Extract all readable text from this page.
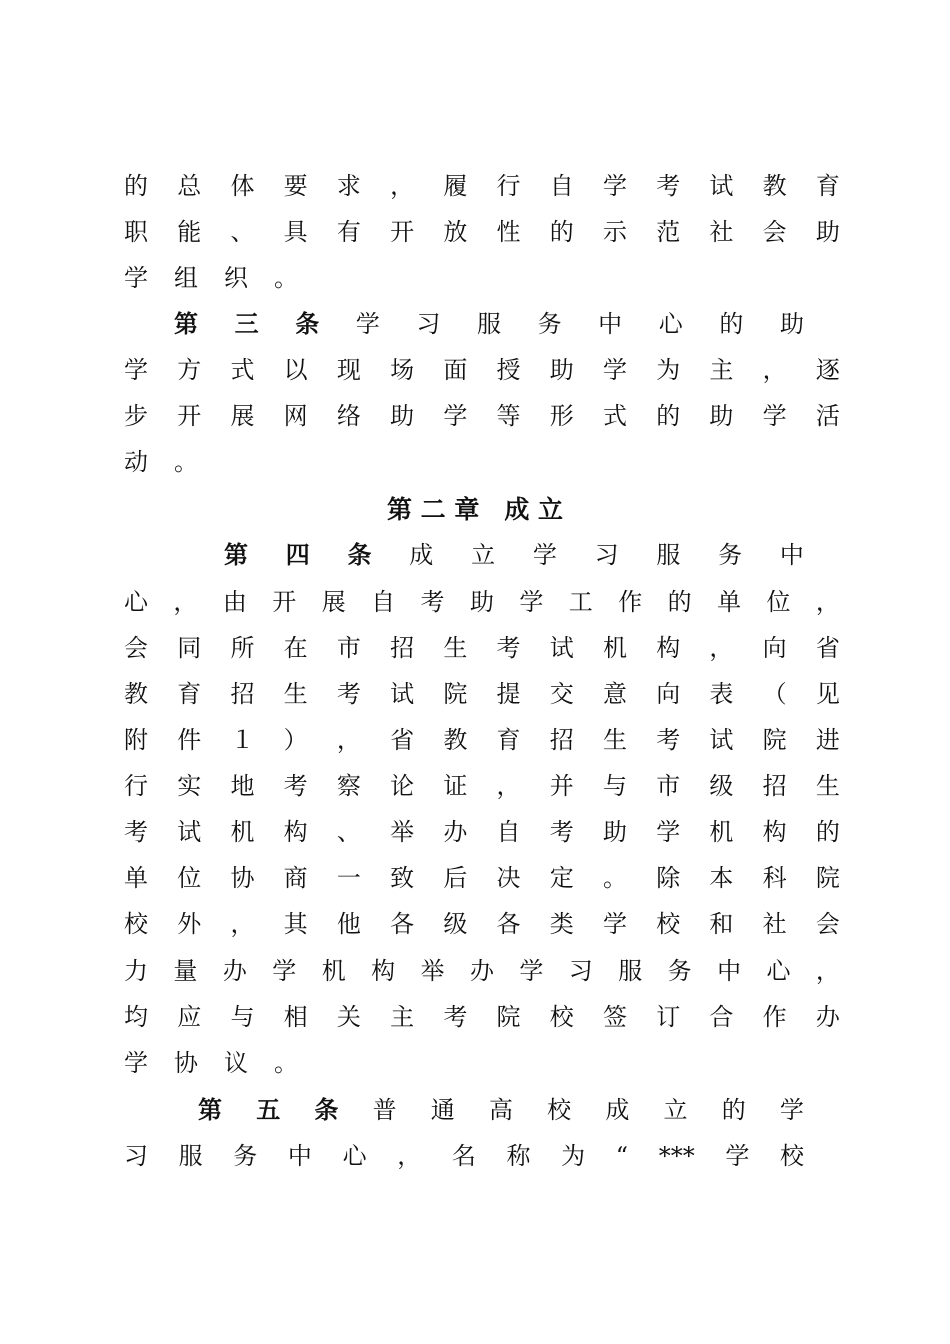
的 总 体 要 求 ， 履 行 自 学 考 试 教 育
职 能 、 具 有 开 放 性 的 示 范 社 会 助
学 组 织 。
第 三 条 学 习 服 务 中 心 的 助
学 方 式 以 现 场 面 授 助 学 为 主 ， 逐
步 开 展 网 络 助 学 等 形 式 的 助 学 活
动 。
第 二 章　成 立
第 四 条 成 立 学 习 服 务 中
心 ， 由 开 展 自 考 助 学 工 作 的 单 位 ，
会 同 所 在 市 招 生 考 试 机 构 ， 向 省
教 育 招 生 考 试 院 提 交 意 向 表 （ 见
附 件 １ ） ， 省 教 育 招 生 考 试 院 进
行 实 地 考 察 论 证 ， 并 与 市 级 招 生
考 试 机 构 、 举 办 自 考 助 学 机 构 的
单 位 协 商 一 致 后 决 定 。 除 本 科 院
校 外 ， 其 他 各 级 各 类 学 校 和 社 会
力 量 办 学 机 构 举 办 学 习 服 务 中 心 ，
均 应 与 相 关 主 考 院 校 签 订 合 作 办
学 协 议 。
第 五 条 普 通 高 校 成 立 的 学
习 服 务 中 心 ， 名 称 为 “ *** 学 校
